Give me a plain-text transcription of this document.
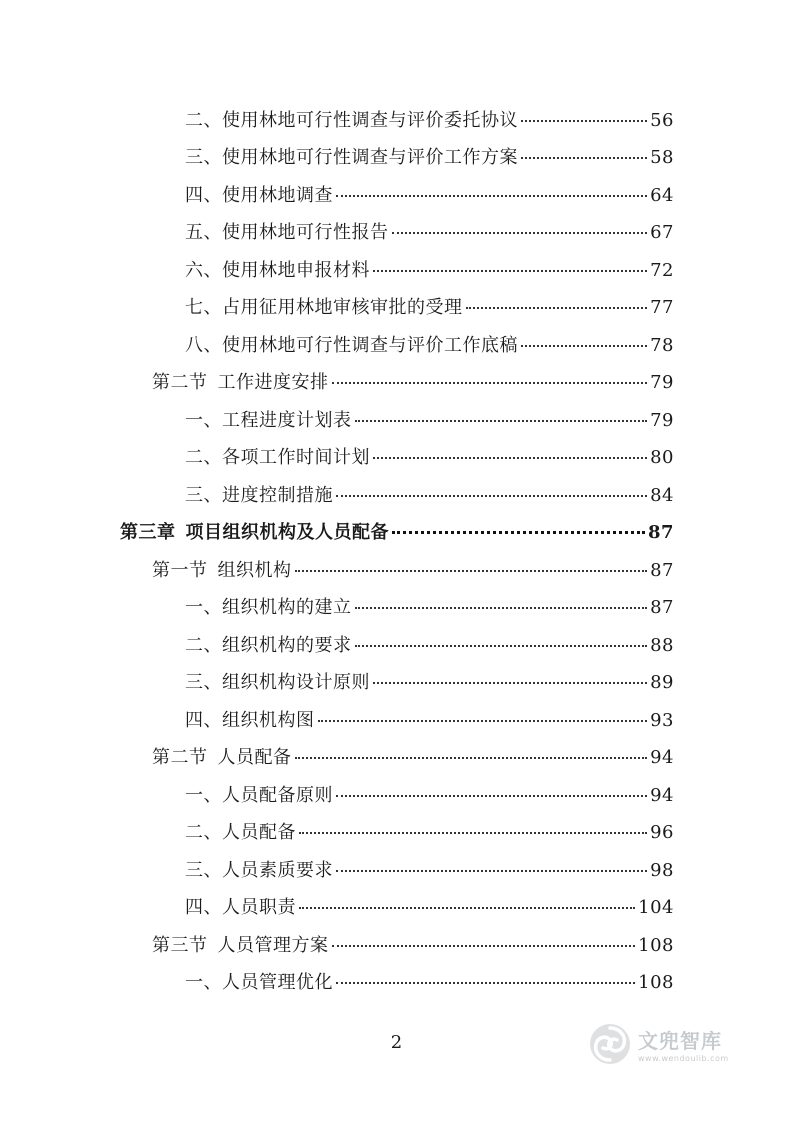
二、使用林地可行性调查与评价委托协议	56
三、使用林地可行性调查与评价工作方案	58
四、使用林地调查	64
五、使用林地可行性报告	67
六、使用林地申报材料	72
七、占用征用林地审核审批的受理	77
八、使用林地可行性调查与评价工作底稿	78
第二节 工作进度安排	79
一、工程进度计划表	79
二、各项工作时间计划	80
三、进度控制措施	84
第三章 项目组织机构及人员配备	87
第一节 组织机构	87
一、组织机构的建立	87
二、组织机构的要求	88
三、组织机构设计原则	89
四、组织机构图	93
第二节 人员配备	94
一、人员配备原则	94
二、人员配备	96
三、人员素质要求	98
四、人员职责	104
第三节 人员管理方案	108
一、人员管理优化	108
2	文兜智库
www.wendoulib.com
